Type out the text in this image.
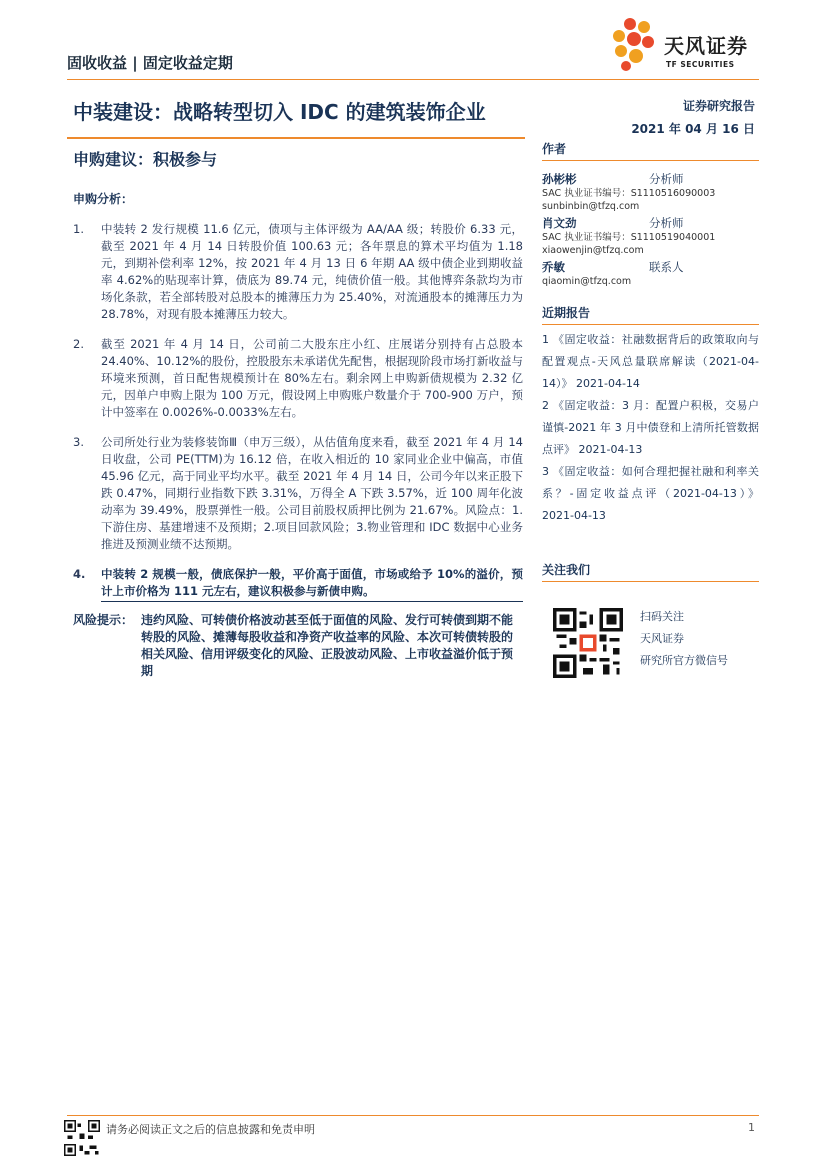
固收收益 | 固定收益定期
天风证券
TF SECURITIES
中装建设：战略转型切入 IDC 的建筑装饰企业	证券研究报告
2021 年 04 月 16 日
申购建议：积极参与
申购分析：
1. 中装转 2 发行规模 11.6 亿元，债项与主体评级为 AA/AA 级；转股价 6.33 元，截至 2021 年 4 月 14 日转股价值 100.63 元；各年票息的算术平均值为 1.18 元，到期补偿利率 12%，按 2021 年 4 月 13 日 6 年期 AA 级中债企业到期收益率 4.62%的贴现率计算，债底为 89.74 元，纯债价值一般。其他博弈条款均为市场化条款，若全部转股对总股本的摊薄压力为 25.40%，对流通股本的摊薄压力为 28.78%，对现有股本摊薄压力较大。
2. 截至 2021 年 4 月 14 日，公司前二大股东庄小红、庄展诺分别持有占总股本 24.40%、10.12%的股份，控股股东未承诺优先配售，根据现阶段市场打新收益与环境来预测，首日配售规模预计在 80%左右。剩余网上申购新债规模为 2.32 亿元，因单户申购上限为 100 万元，假设网上申购账户数量介于 700-900 万户，预计中签率在 0.0026%-0.0033%左右。
3. 公司所处行业为装修装饰Ⅲ（申万三级），从估值角度来看，截至 2021 年 4 月 14 日收盘，公司 PE(TTM)为 16.12 倍，在收入相近的 10 家同业企业中偏高，市值 45.96 亿元，高于同业平均水平。截至 2021 年 4 月 14 日，公司今年以来正股下跌 0.47%，同期行业指数下跌 3.31%，万得全 A 下跌 3.57%，近 100 周年化波动率为 39.49%，股票弹性一般。公司目前股权质押比例为 21.67%。风险点：1.下游住房、基建增速不及预期；2.项目回款风险；3.物业管理和 IDC 数据中心业务推进及预测业绩不达预期。
4. 中装转 2 规模一般，债底保护一般，平价高于面值，市场或给予 10%的溢价，预计上市价格为 111 元左右，建议积极参与新债申购。
风险提示： 违约风险、可转债价格波动甚至低于面值的风险、发行可转债到期不能转股的风险、摊薄每股收益和净资产收益率的风险、本次可转债转股的相关风险、信用评级变化的风险、正股波动风险、上市收益溢价低于预期
作者
孙彬彬	分析师
SAC 执业证书编号：S1110516090003
sunbinbin@tfzq.com
肖文劲	分析师
SAC 执业证书编号：S1110519040001
xiaowenjin@tfzq.com
乔敏	联系人
qiaomin@tfzq.com
近期报告
1 《固定收益：社融数据背后的政策取向与配置观点-天风总量联席解读（2021-04-14）》 2021-04-14
2 《固定收益：3 月：配置户积极，交易户谨慎-2021 年 3 月中债登和上清所托管数据点评》 2021-04-13
3 《固定收益：如何合理把握社融和利率关系？-固定收益点评（2021-04-13）》 2021-04-13
关注我们
扫码关注
天风证券
研究所官方微信号
请务必阅读正文之后的信息披露和免责申明	1
